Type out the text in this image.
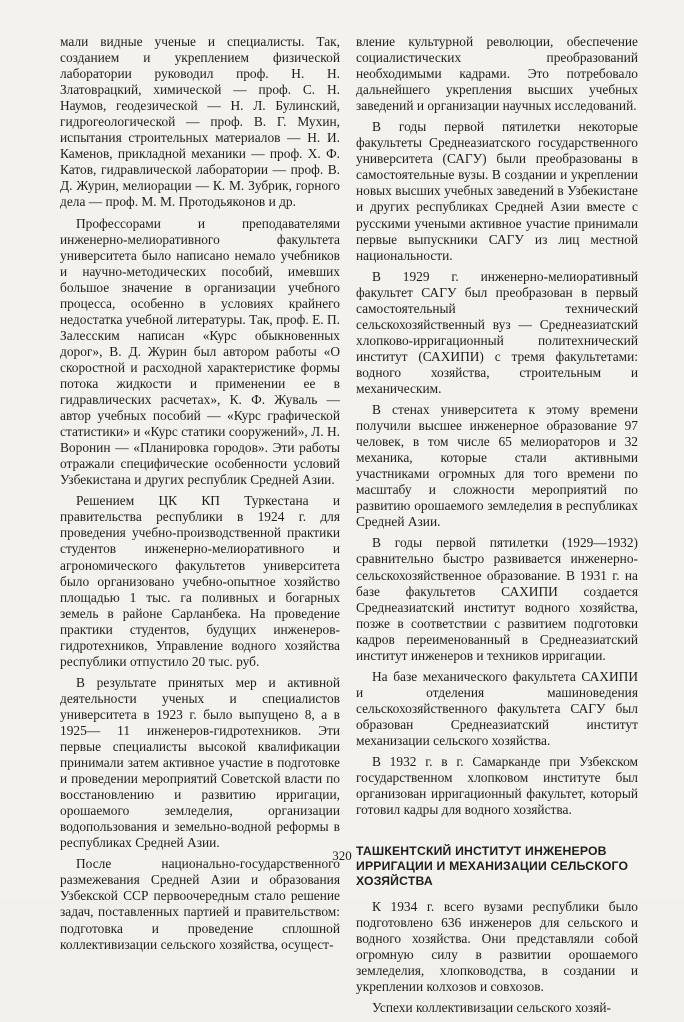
мали видные ученые и специалисты. Так, созданием и укреплением физической лаборатории руководил проф. Н. Н. Златоврацкий, химической — проф. С. Н. Наумов, геодезической — Н. Л. Булинский, гидрогеологической — проф. В. Г. Мухин, испытания строительных материалов — Н. И. Каменов, прикладной механики — проф. Х. Ф. Катов, гидравлической лаборатории — проф. В. Д. Журин, мелиорации — К. М. Зубрик, горного дела — проф. М. М. Протодьяконов и др.

Профессорами и преподавателями инженерно-мелиоративного факультета университета было написано немало учебников и научно-методических пособий, имевших большое значение в организации учебного процесса, особенно в условиях крайнего недостатка учебной литературы. Так, проф. Е. П. Залесским написан «Курс обыкновенных дорог», В. Д. Журин был автором работы «О скоростной и расходной характеристике формы потока жидкости и применении ее в гидравлических расчетах», К. Ф. Жуваль — автор учебных пособий — «Курс графической статистики» и «Курс статики сооружений», Л. Н. Воронин — «Планировка городов». Эти работы отражали специфические особенности условий Узбекистана и других республик Средней Азии.

Решением ЦК КП Туркестана и правительства республики в 1924 г. для проведения учебно-производственной практики студентов инженерно-мелиоративного и агрономического факультетов университета было организовано учебно-опытное хозяйство площадью 1 тыс. га поливных и богарных земель в районе Capланбека. На проведение практики студентов, будущих инженеров-гидротехников, Управление водного хозяйства республики отпустило 20 тыс. руб.

В результате принятых мер и активной деятельности ученых и специалистов университета в 1923 г. было выпущено 8, а в 1925— 11 инженеров-гидротехников. Эти первые специалисты высокой квалификации принимали затем активное участие в подготовке и проведении мероприятий Советской власти по восстановлению и развитию ирригации, орошаемого земледелия, организации водопользования и земельно-водной реформы в республиках Средней Азии.

После национально-государственного размежевания Средней Азии и образования Узбекской ССР первоочередным стало решение задач, поставленных партией и правительством: подготовка и проведение сплошной коллективизации сельского хозяйства, осущест-

вление культурной революции, обеспечение социалистических преобразований необходимыми кадрами. Это потребовало дальнейшего укрепления высших учебных заведений и организации научных исследований.

В годы первой пятилетки некоторые факультеты Среднеазиатского государственного университета (САГУ) были преобразованы в самостоятельные вузы. В создании и укреплении новых высших учебных заведений в Узбекистане и других республиках Средней Азии вместе с русскими учеными активное участие принимали первые выпускники САГУ из лиц местной национальности.

В 1929 г. инженерно-мелиоративный факультет САГУ был преобразован в первый самостоятельный технический сельскохозяйственный вуз — Среднеазиатский хлопково-ирригационный политехнический институт (САХИПИ) с тремя факультетами: водного хозяйства, строительным и механическим.

В стенах университета к этому времени получили высшее инженерное образование 97 человек, в том числе 65 мелиораторов и 32 механика, которые стали активными участниками огромных для того времени по масштабу и сложности мероприятий по развитию орошаемого земледелия в республиках Средней Азии.

В годы первой пятилетки (1929—1932) сравнительно быстро развивается инженерно-сельскохозяйственное образование. В 1931 г. на базе факультетов САХИПИ создается Среднеазиатский институт водного хозяйства, позже в соответствии с развитием подготовки кадров переименованный в Среднеазиатский институт инженеров и техников ирригации.

На базе механического факультета САХИПИ и отделения машиноведения сельскохозяйственного факультета САГУ был образован Среднеазиатский институт механизации сельского хозяйства.

В 1932 г. в г. Самарканде при Узбекском государственном хлопковом институте был организован ирригационный факультет, который готовил кадры для водного хозяйства.

ТАШКЕНТСКИЙ ИНСТИТУТ ИНЖЕНЕРОВ ИРРИГАЦИИ И МЕХАНИЗАЦИИ СЕЛЬСКОГО ХОЗЯЙСТВА

К 1934 г. всего вузами республики было подготовлено 636 инженеров для сельского и водного хозяйства. Они представляли собой огромную силу в развитии орошаемого земледелия, хлопководства, в создании и укреплении колхозов и совхозов.

Успехи коллективизации сельского хозяй-

320
